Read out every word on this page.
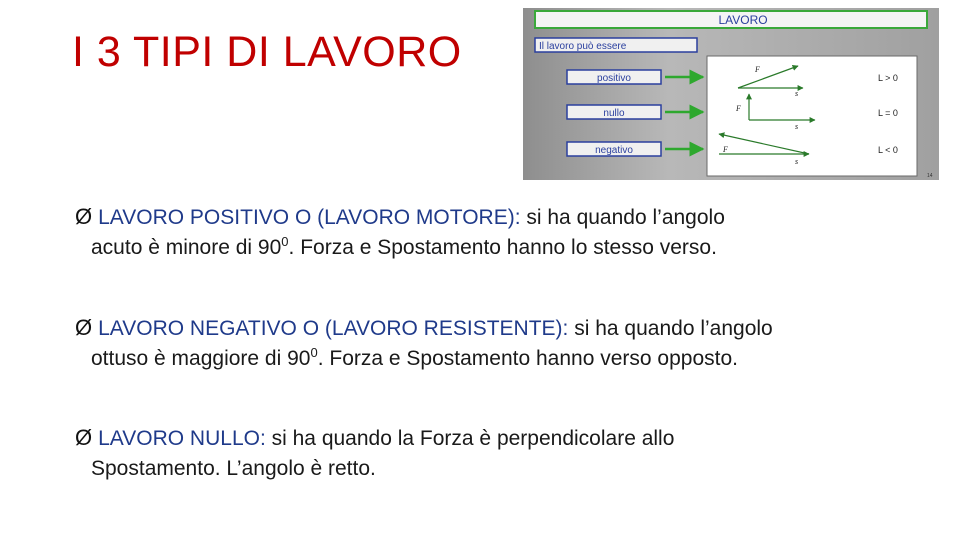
I 3 TIPI DI LAVORO
LAVORO
Il lavoro può essere
positivo
F
s
L > 0
nullo	F
s
L = 0
negativo	F
s
L < 0
14
Ø LAVORO POSITIVO O (LAVORO MOTORE): si ha quando l’angolo
acuto è minore di $90^0$. Forza e Spostamento hanno lo stesso verso.
Ø LAVORO NEGATIVO O (LAVORO RESISTENTE): si ha quando l’angolo
ottuso è maggiore di $90^0$. Forza e Spostamento hanno verso opposto.
Ø LAVORO NULLO: si ha quando la Forza è perpendicolare allo
Spostamento. L’angolo è retto.
